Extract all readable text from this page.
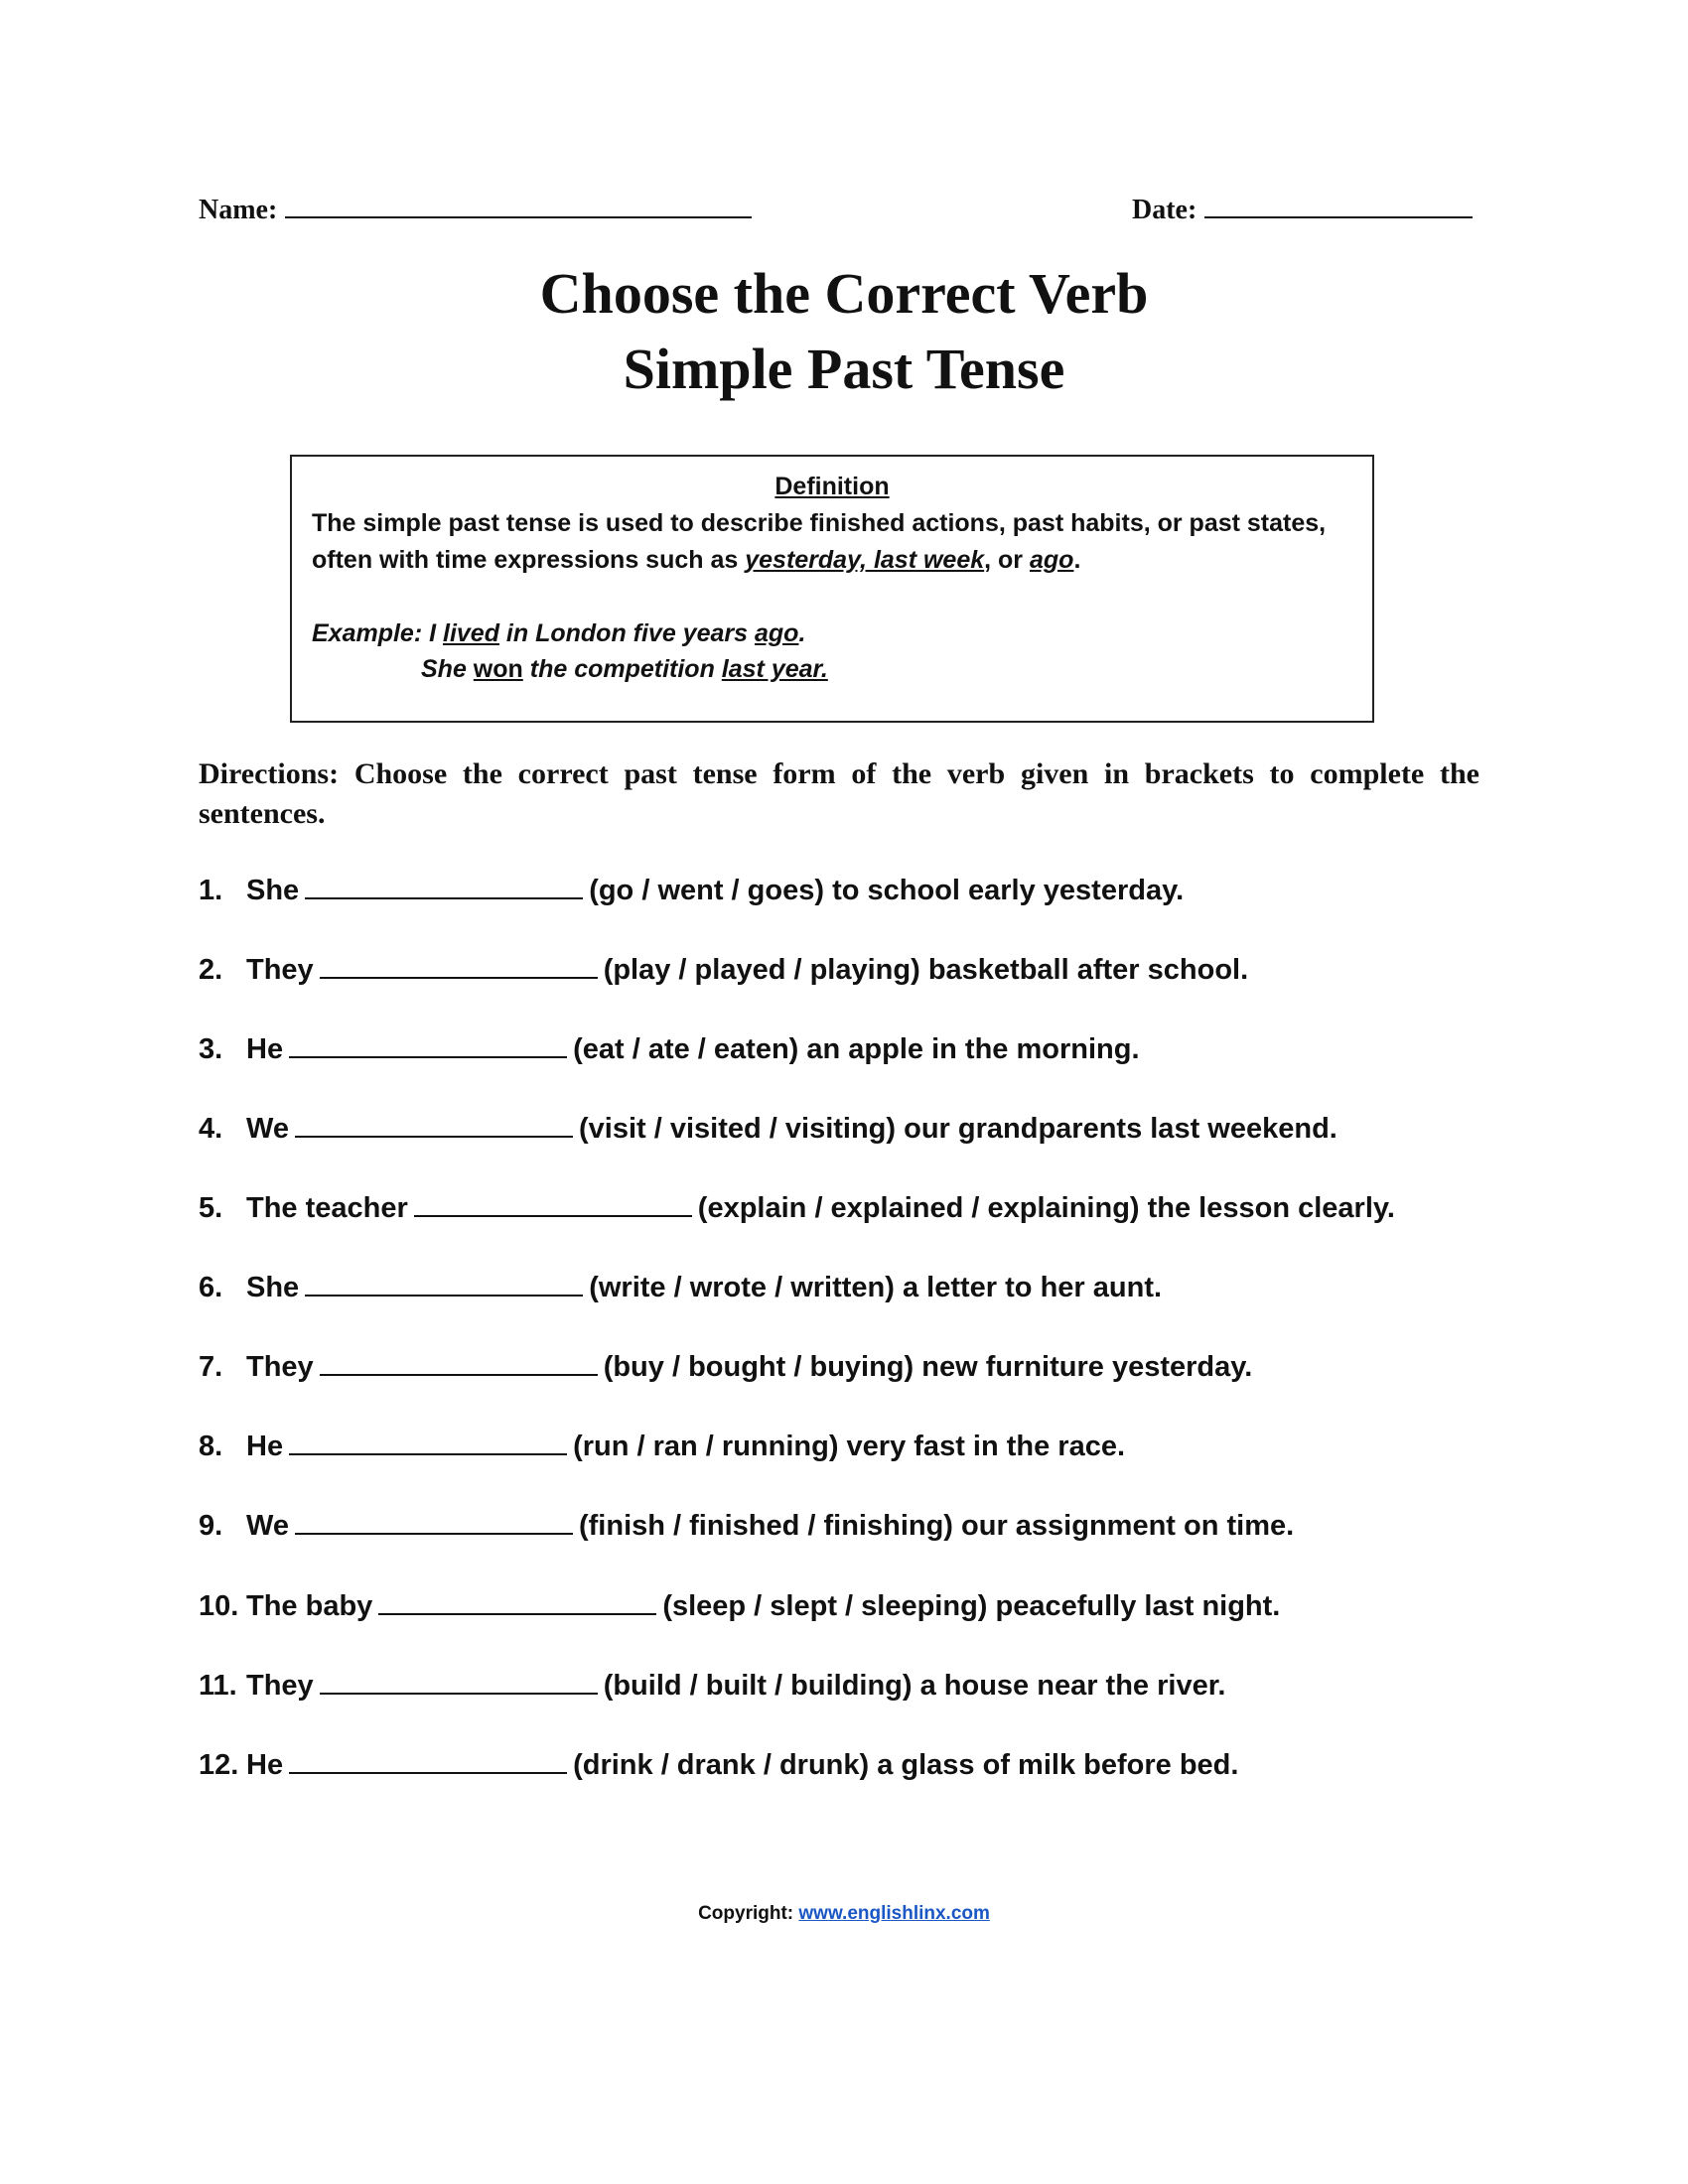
Name:	Date:
Choose the Correct Verb
Simple Past Tense
Definition
The simple past tense is used to describe finished actions, past habits, or past states,
often with time expressions such as yesterday, last week, or ago.
Example: I lived in London five years ago.
She won the competition last year.
Directions: Choose the correct past tense form of the verb given in brackets to complete the sentences.
1. She	(go / went / goes) to school early yesterday.
2. They	(play / played / playing) basketball after school.
3. He	(eat / ate / eaten) an apple in the morning.
4. We	(visit / visited / visiting) our grandparents last weekend.
5. The teacher	(explain / explained / explaining) the lesson clearly.
6. She	(write / wrote / written) a letter to her aunt.
7. They	(buy / bought / buying) new furniture yesterday.
8. He	(run / ran / running) very fast in the race.
9. We	(finish / finished / finishing) our assignment on time.
10. The baby	(sleep / slept / sleeping) peacefully last night.
11. They	(build / built / building) a house near the river.
12. He	(drink / drank / drunk) a glass of milk before bed.
Copyright: www.englishlinx.com
